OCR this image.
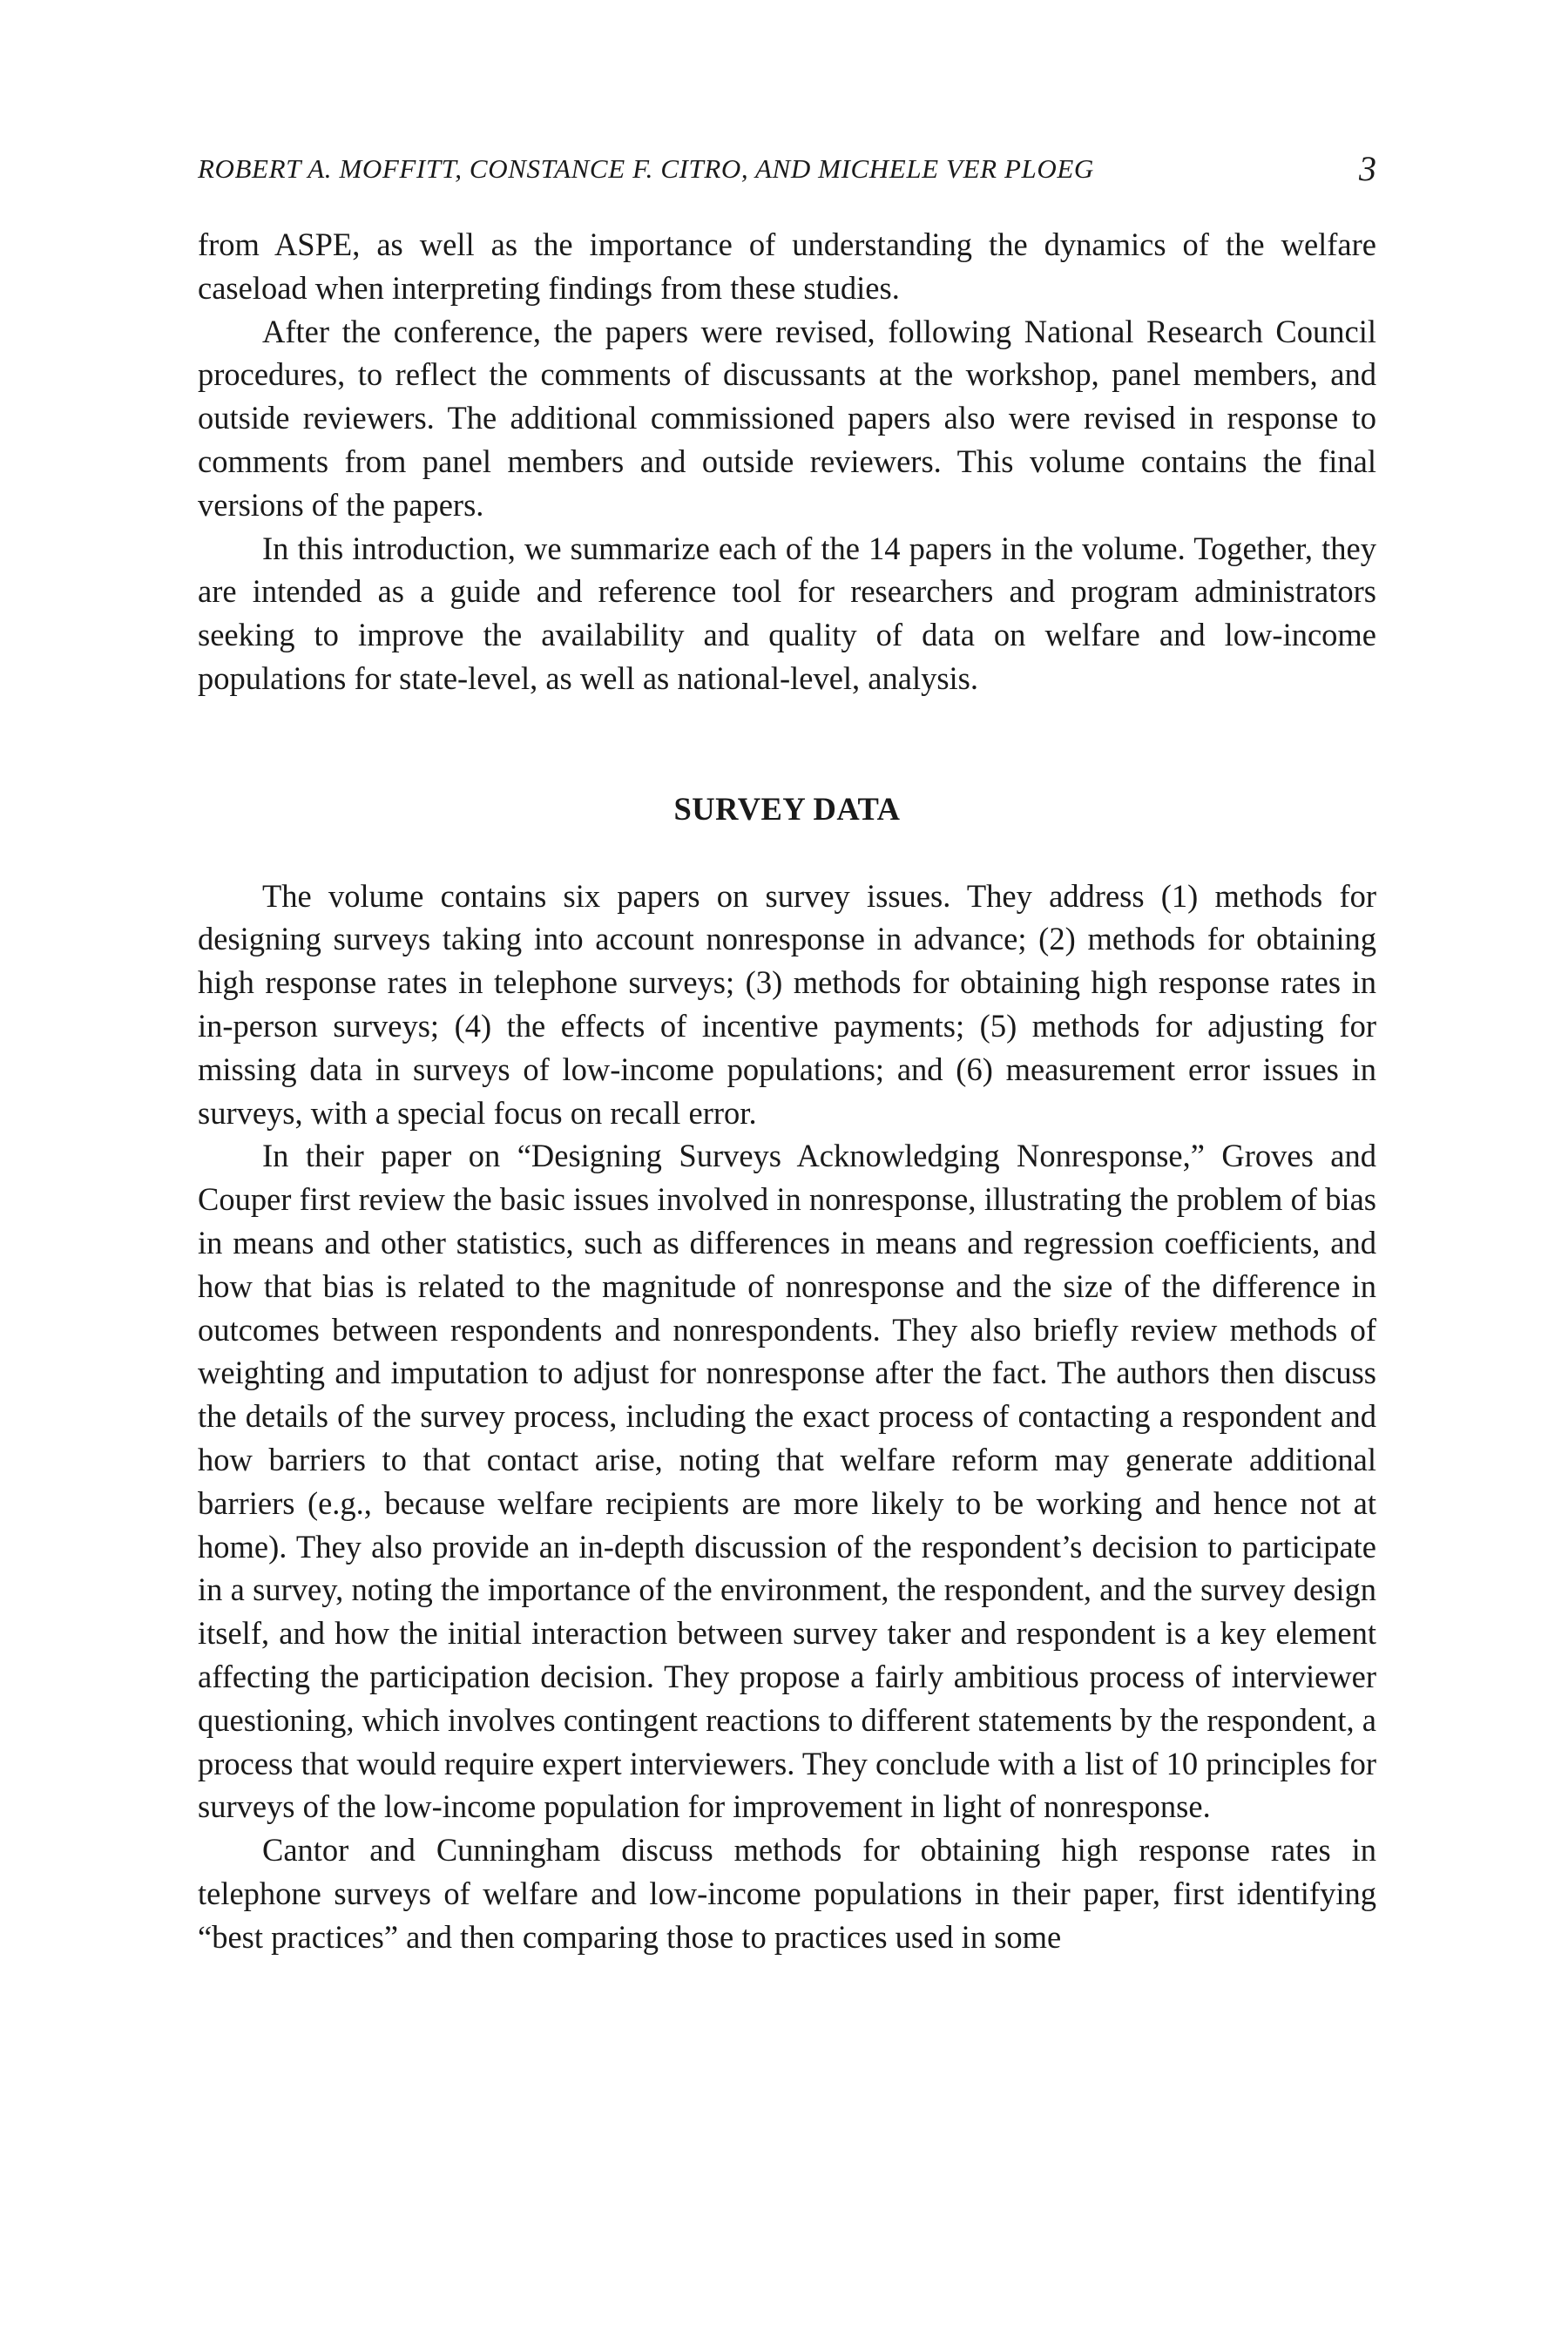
ROBERT A. MOFFITT, CONSTANCE F. CITRO, AND MICHELE VER PLOEG	3

from ASPE, as well as the importance of understanding the dynamics of the welfare caseload when interpreting findings from these studies.

After the conference, the papers were revised, following National Research Council procedures, to reflect the comments of discussants at the workshop, panel members, and outside reviewers. The additional commissioned papers also were revised in response to comments from panel members and outside reviewers. This volume contains the final versions of the papers.

In this introduction, we summarize each of the 14 papers in the volume. Together, they are intended as a guide and reference tool for researchers and program administrators seeking to improve the availability and quality of data on welfare and low-income populations for state-level, as well as national-level, analysis.

SURVEY DATA

The volume contains six papers on survey issues. They address (1) methods for designing surveys taking into account nonresponse in advance; (2) methods for obtaining high response rates in telephone surveys; (3) methods for obtaining high response rates in in-person surveys; (4) the effects of incentive payments; (5) methods for adjusting for missing data in surveys of low-income populations; and (6) measurement error issues in surveys, with a special focus on recall error.

In their paper on “Designing Surveys Acknowledging Nonresponse,” Groves and Couper first review the basic issues involved in nonresponse, illustrating the problem of bias in means and other statistics, such as differences in means and regression coefficients, and how that bias is related to the magnitude of nonresponse and the size of the difference in outcomes between respondents and nonrespondents. They also briefly review methods of weighting and imputation to adjust for nonresponse after the fact. The authors then discuss the details of the survey process, including the exact process of contacting a respondent and how barriers to that contact arise, noting that welfare reform may generate additional barriers (e.g., because welfare recipients are more likely to be working and hence not at home). They also provide an in-depth discussion of the respondent’s decision to participate in a survey, noting the importance of the environment, the respondent, and the survey design itself, and how the initial interaction between survey taker and respondent is a key element affecting the participation decision. They propose a fairly ambitious process of interviewer questioning, which involves contingent reactions to different statements by the respondent, a process that would require expert interviewers. They conclude with a list of 10 principles for surveys of the low-income population for improvement in light of nonresponse.

Cantor and Cunningham discuss methods for obtaining high response rates in telephone surveys of welfare and low-income populations in their paper, first identifying “best practices” and then comparing those to practices used in some
